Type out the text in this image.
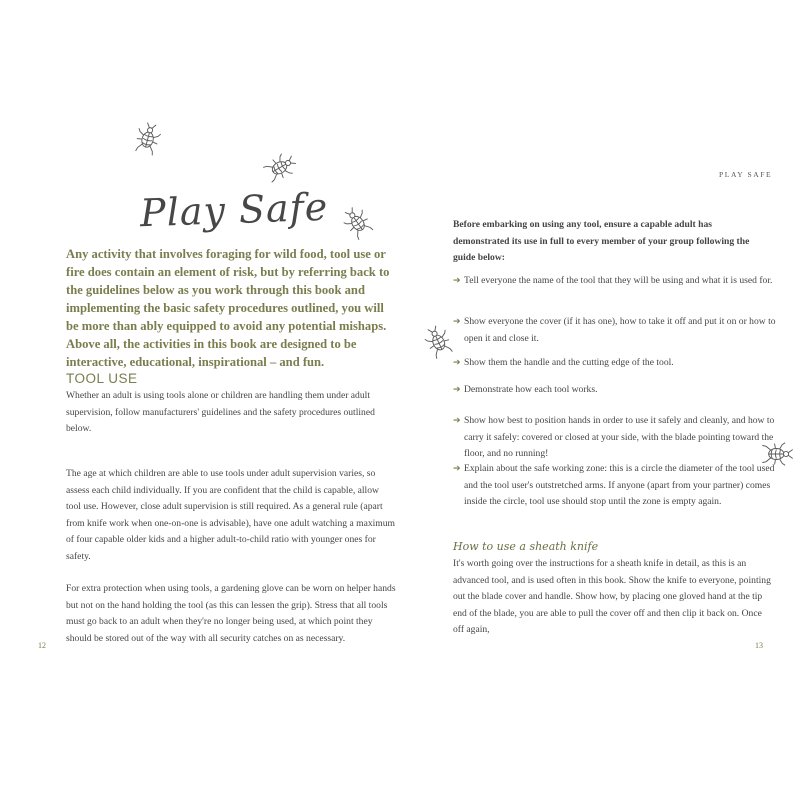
Play Safe

Any activity that involves foraging for wild food, tool use or fire does contain an element of risk, but by referring back to the guidelines below as you work through this book and implementing the basic safety procedures outlined, you will be more than ably equipped to avoid any potential mishaps. Above all, the activities in this book are designed to be interactive, educational, inspirational – and fun.

TOOL USE

Whether an adult is using tools alone or children are handling them under adult supervision, follow manufacturers' guidelines and the safety procedures outlined below.

The age at which children are able to use tools under adult supervision varies, so assess each child individually. If you are confident that the child is capable, allow tool use. However, close adult supervision is still required. As a general rule (apart from knife work when one-on-one is advisable), have one adult watching a maximum of four capable older kids and a higher adult-to-child ratio with younger ones for safety.

For extra protection when using tools, a gardening glove can be worn on helper hands but not on the hand holding the tool (as this can lessen the grip). Stress that all tools must go back to an adult when they're no longer being used, at which point they should be stored out of the way with all security catches on as necessary.

12
PLAY SAFE

Before embarking on using any tool, ensure a capable adult has demonstrated its use in full to every member of your group following the guide below:

➔ Tell everyone the name of the tool that they will be using and what it is used for.
➔ Show everyone the cover (if it has one), how to take it off and put it on or how to open it and close it.
➔ Show them the handle and the cutting edge of the tool.
➔ Demonstrate how each tool works.
➔ Show how best to position hands in order to use it safely and cleanly, and how to carry it safely: covered or closed at your side, with the blade pointing toward the floor, and no running!
➔ Explain about the safe working zone: this is a circle the diameter of the tool used and the tool user's outstretched arms. If anyone (apart from your partner) comes inside the circle, tool use should stop until the zone is empty again.
How to use a sheath knife

It's worth going over the instructions for a sheath knife in detail, as this is an advanced tool, and is used often in this book. Show the knife to everyone, pointing out the blade cover and handle. Show how, by placing one gloved hand at the tip end of the blade, you are able to pull the cover off and then clip it back on. Once off again,

13
